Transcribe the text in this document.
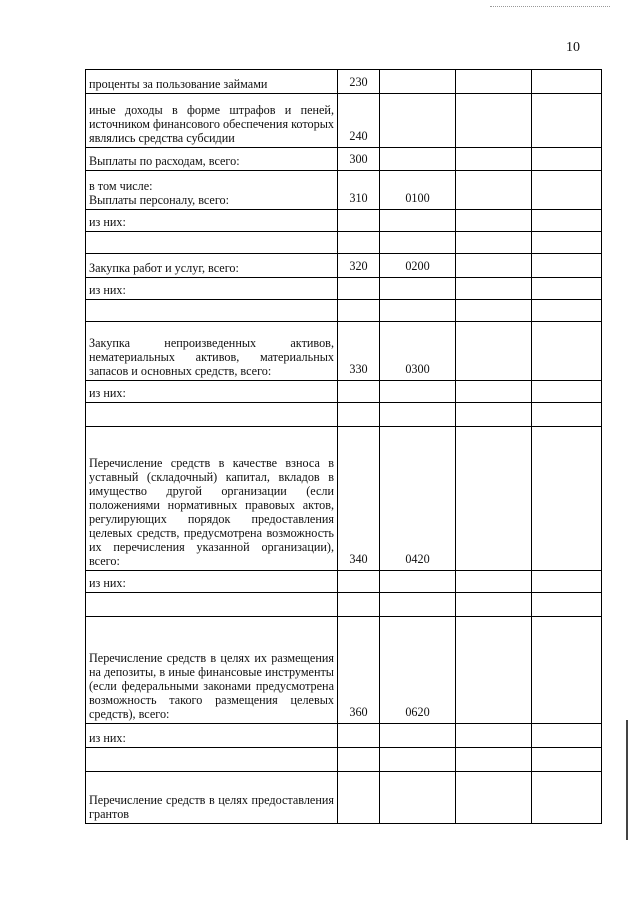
10
проценты за пользование займами	230			
иные доходы в форме штрафов и пеней, источником финансового обеспечения которых являлись средства субсидии	240			
Выплаты по расходам, всего:	300			
в том числе:
Выплаты персоналу, всего:	310	0100		
из них:				

Закупка работ и услуг, всего:	320	0200		
из них:				

Закупка непроизведенных активов, нематериальных активов, материальных запасов и основных средств, всего:	330	0300		
из них:				

Перечисление средств в качестве взноса в уставный (складочный) капитал, вкладов в имущество другой организации (если положениями нормативных правовых актов, регулирующих порядок предоставления целевых средств, предусмотрена возможность их перечисления указанной организации), всего:	340	0420		
из них:				

Перечисление средств в целях их размещения на депозиты, в иные финансовые инструменты (если федеральными законами предусмотрена возможность такого размещения целевых средств), всего:	360	0620		
из них:				

Перечисление средств в целях предоставления грантов				
